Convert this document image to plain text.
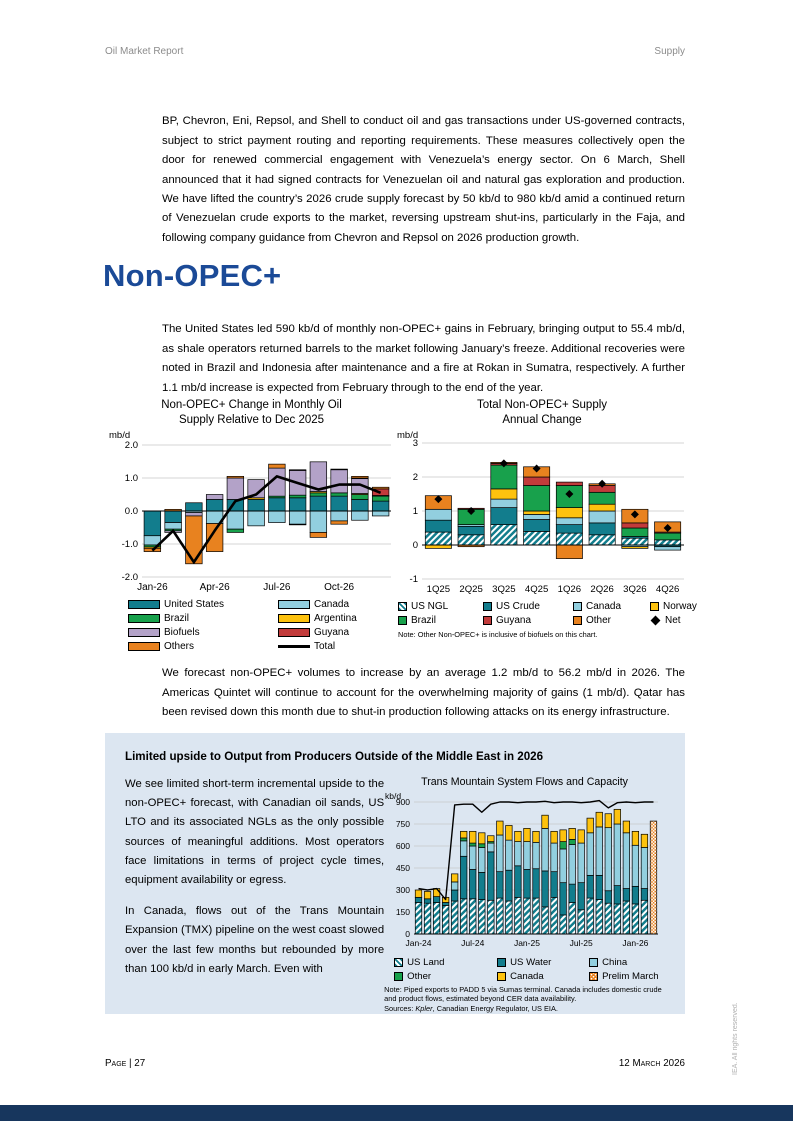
Oil Market Report	Supply

BP, Chevron, Eni, Repsol, and Shell to conduct oil and gas transactions under US-governed contracts, subject to strict payment routing and reporting requirements. These measures collectively open the door for renewed commercial engagement with Venezuela’s energy sector. On 6 March, Shell announced that it had signed contracts for Venezuelan oil and natural gas exploration and production. We have lifted the country’s 2026 crude supply forecast by 50 kb/d to 980 kb/d amid a continued return of Venezuelan crude exports to the market, reversing upstream shut-ins, particularly in the Faja, and following company guidance from Chevron and Repsol on 2026 production growth.

Non-OPEC+

The United States led 590 kb/d of monthly non-OPEC+ gains in February, bringing output to 55.4 mb/d, as shale operators returned barrels to the market following January’s freeze. Additional recoveries were noted in Brazil and Indonesia after maintenance and a fire at Rokan in Sumatra, respectively. A further 1.1 mb/d increase is expected from February through to the end of the year.

Non-OPEC+ Change in Monthly Oil
Supply Relative to Dec 2025
2.0
1.0
0.0
-1.0
-2.0
mb/d
Jan-26	Apr-26	Jul-26	Oct-26
United States	Canada
Brazil	Argentina
Biofuels	Guyana
Others	Total
Total Non-OPEC+ Supply
Annual Change
3
2
1
0
-1
mb/d
1Q25 2Q25 3Q25 4Q25 1Q26 2Q26 3Q26 4Q26
US NGL	US Crude	Canada	Norway
Brazil	Guyana	Other	Net
Note: Other Non-OPEC+ is inclusive of biofuels on this chart.

We forecast non-OPEC+ volumes to increase by an average 1.2 mb/d to 56.2 mb/d in 2026. The Americas Quintet will continue to account for the overwhelming majority of gains (1 mb/d). Qatar has been revised down this month due to shut-in production following attacks on its energy infrastructure.

Limited upside to Output from Producers Outside of the Middle East in 2026

We see limited short-term incremental upside to the non-OPEC+ forecast, with Canadian oil sands, US LTO and its associated NGLs as the only possible sources of meaningful additions. Most operators face limitations in terms of project cycle times, equipment availability or egress.

In Canada, flows out of the Trans Mountain Expansion (TMX) pipeline on the west coast slowed over the last few months but rebounded by more than 100 kb/d in early March. Even with

Trans Mountain System Flows and Capacity
900
750
600
450
300
150
0
kb/d
Jan-24	Jul-24	Jan-25	Jul-25	Jan-26
US Land	US Water	China
Other	Canada	Prelim March
Note: Piped exports to PADD 5 via Sumas terminal. Canada includes domestic crude and product flows, estimated beyond CER data availability.
Sources: Kpler, Canadian Energy Regulator, US EIA.
Page | 27	12 March 2026	IEA. All rights reserved.
